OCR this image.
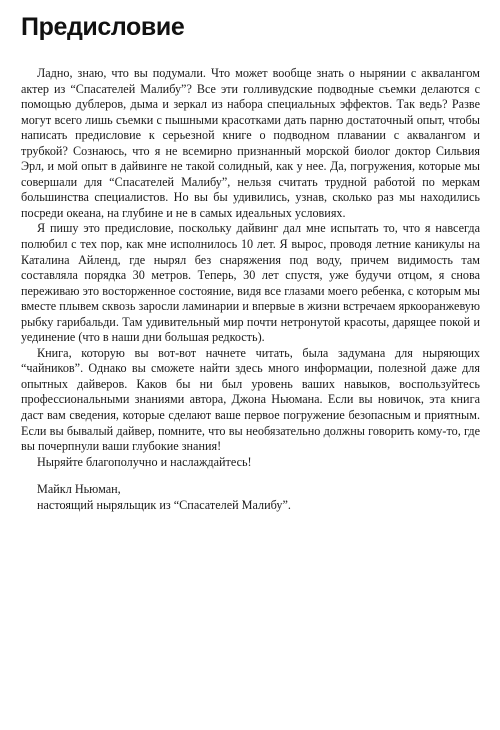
Предисловие

Ладно, знаю, что вы подумали. Что может вообще знать о нырянии с аквалангом актер из “Спасателей Малибу”? Все эти голливудские подводные съемки делаются с помощью дублеров, дыма и зеркал из набора специальных эффектов. Так ведь? Разве могут всего лишь съемки с пышными красотками дать парню достаточный опыт, чтобы написать предисловие к серьезной книге о подводном плавании с аквалангом и трубкой? Сознаюсь, что я не всемирно признанный морской биолог доктор Сильвия Эрл, и мой опыт в дайвинге не такой солидный, как у нее. Да, погружения, которые мы совершали для “Спасателей Малибу”, нельзя считать трудной работой по меркам большинства специалистов. Но вы бы удивились, узнав, сколько раз мы находились посреди океана, на глубине и не в самых идеальных условиях.

Я пишу это предисловие, поскольку дайвинг дал мне испытать то, что я навсегда полюбил с тех пор, как мне исполнилось 10 лет. Я вырос, проводя летние каникулы на Каталина Айленд, где нырял без снаряжения под воду, причем видимость там составляла порядка 30 метров. Теперь, 30 лет спустя, уже будучи отцом, я снова переживаю это восторженное состояние, видя все глазами моего ребенка, с которым мы вместе плывем сквозь заросли ламинарии и впервые в жизни встречаем яркооранжевую рыбку гарибальди. Там удивительный мир почти нетронутой красоты, дарящее покой и уединение (что в наши дни большая редкость).

Книга, которую вы вот-вот начнете читать, была задумана для ныряющих “чайников”. Однако вы сможете найти здесь много информации, полезной даже для опытных дайверов. Каков бы ни был уровень ваших навыков, воспользуйтесь профессиональными знаниями автора, Джона Ньюмана. Если вы новичок, эта книга даст вам сведения, которые сделают ваше первое погружение безопасным и приятным. Если вы бывалый дайвер, помните, что вы необязательно должны говорить кому-то, где вы почерпнули ваши глубокие знания!

Ныряйте благополучно и наслаждайтесь!

Майкл Ньюман,
настоящий ныряльщик из “Спасателей Малибу”.
